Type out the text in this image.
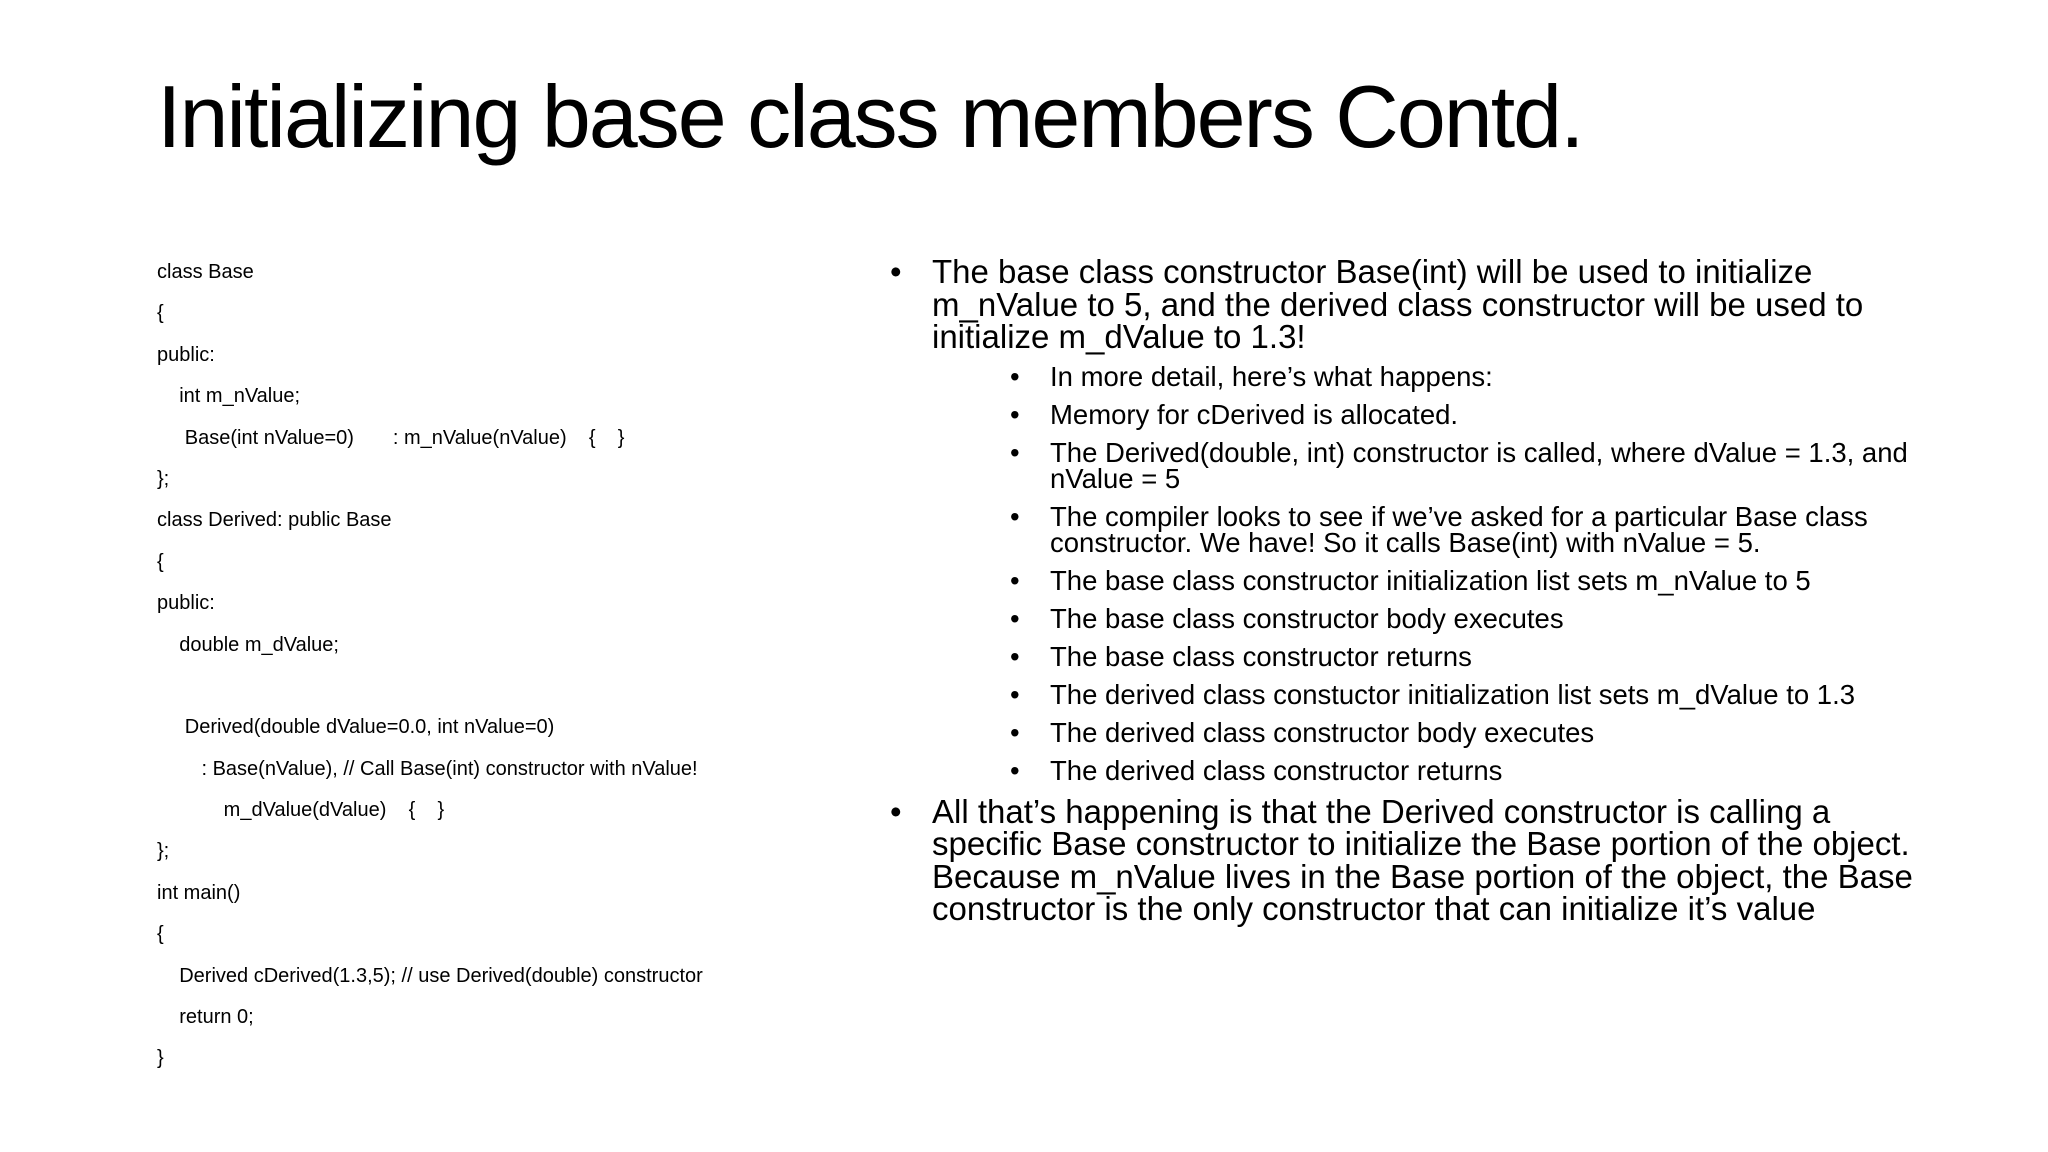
Initializing base class members Contd.
class Base
{
public:
int m_nValue;
Base(int nValue=0)       : m_nValue(nValue)    {    }
};
class Derived: public Base
{
public:
double m_dValue;
Derived(double dValue=0.0, int nValue=0)
: Base(nValue), // Call Base(int) constructor with nValue!
m_dValue(dValue)    {    }
};
int main()
{
Derived cDerived(1.3,5); // use Derived(double) constructor
return 0;
}
• The base class constructor Base(int) will be used to initialize m_nValue to 5, and the derived class constructor will be used to initialize m_dValue to 1.3!
•	In more detail, here’s what happens:
•	Memory for cDerived is allocated.
•	The Derived(double, int) constructor is called, where dValue = 1.3, and nValue = 5
•	The compiler looks to see if we’ve asked for a particular Base class constructor. We have! So it calls Base(int) with nValue = 5.
•	The base class constructor initialization list sets m_nValue to 5
•	The base class constructor body executes
•	The base class constructor returns
•	The derived class constuctor initialization list sets m_dValue to 1.3
•	The derived class constructor body executes
•	The derived class constructor returns
• All that’s happening is that the Derived constructor is calling a specific Base constructor to initialize the Base portion of the object. Because m_nValue lives in the Base portion of the object, the Base constructor is the only constructor that can initialize it’s value
